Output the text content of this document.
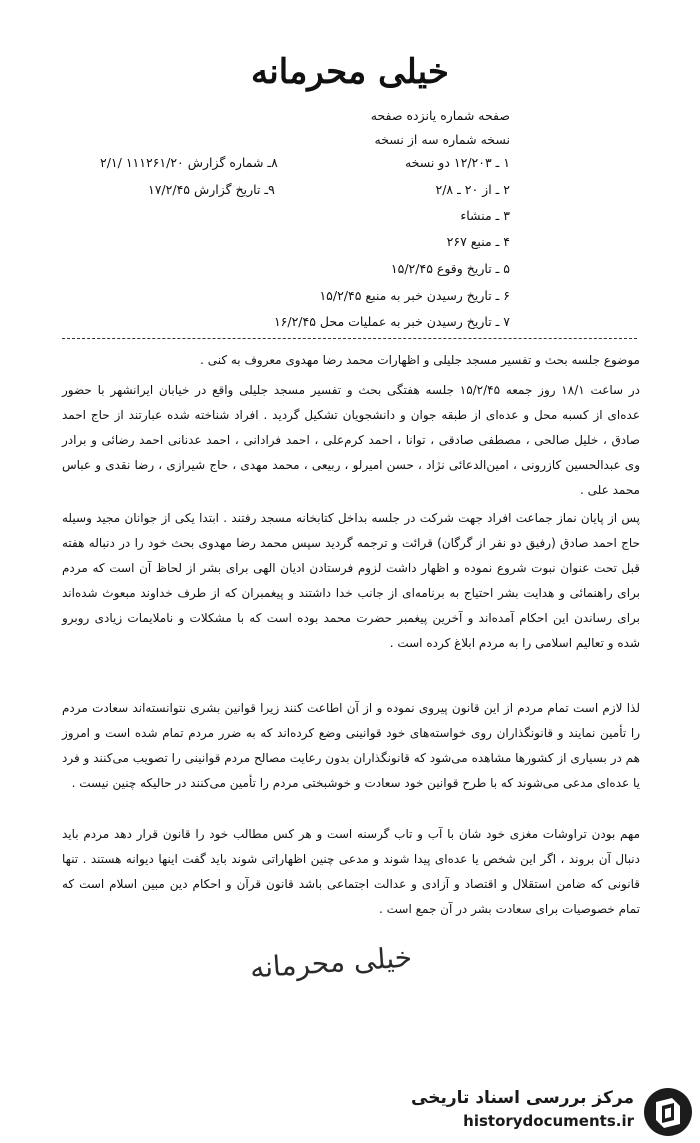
خیلی محرمانه
صفحه شماره یانزده صفحه
نسخه شماره سه از نسخه
۸ـ شماره گزارش ۱۱۱۲۶۱/۲۰ /۲/۱
۹ـ تاریخ گزارش ۱۷/۲/۴۵
۱ ـ ۱۲/۲۰۳ دو نسخه
۲ ـ از ۲۰ ـ ۲/۸
۳ ـ منشاء
۴ ـ منبع ۲۶۷
۵ ـ تاریخ وقوع ۱۵/۲/۴۵
۶ ـ تاریخ رسیدن خبر به منبع ۱۵/۲/۴۵
۷ ـ تاریخ رسیدن خبر به عملیات محل ۱۶/۲/۴۵
موضوع جلسه بحث و تفسیر مسجد جلیلی و اظهارات محمد رضا مهدوی معروف به کنی .
در ساعت ۱۸/۱ روز جمعه ۱۵/۲/۴۵ جلسه هفتگی بحث و تفسیر مسجد جلیلی واقع در خیابان ایرانشهر با حضور عده‌ای از کسبه محل و عده‌ای از طبقه جوان و دانشجویان تشکیل گردید . افراد شناخته شده عبارتند از حاج احمد صادق ، خلیل صالحی ، مصطفی صادقی ، توانا ، احمد کرم‌علی ، احمد فرادانی ، احمد عدنانی احمد رضائی و برادر وی عبدالحسین کازرونی ، امین‌الدعائی نژاد ، حسن امیرلو ، ربیعی ، محمد مهدی ، حاج شیرازی ، رضا نقدی و عباس محمد علی .
پس از پایان نماز جماعت افراد جهت شرکت در جلسه بداخل کتابخانه مسجد رفتند . ابتدا یکی از جوانان مجید وسیله حاج احمد صادق (رفیق دو نفر از گرگان) قرائت و ترجمه گردید سپس محمد رضا مهدوی بحث خود را در دنباله هفته قبل تحت عنوان نبوت شروع نموده و اظهار داشت لزوم فرستادن ادیان الهی برای بشر از لحاظ آن است که مردم برای راهنمائی و هدایت بشر احتیاج به برنامه‌ای از جانب خدا داشتند و پیغمبران که از طرف خداوند مبعوث شده‌اند برای رساندن این احکام آمده‌اند و آخرین پیغمبر حضرت محمد بوده است که با مشکلات و ناملایمات زیادی روبرو شده و تعالیم اسلامی را به مردم ابلاغ کرده است .
لذا لازم است تمام مردم از این قانون پیروی نموده و از آن اطاعت کنند زیرا قوانین بشری نتوانسته‌اند سعادت مردم را تأمین نمایند و قانونگذاران روی خواسته‌های خود قوانینی وضع کرده‌اند که به ضرر مردم تمام شده است و امروز هم در بسیاری از کشورها مشاهده می‌شود که قانونگذاران بدون رعایت مصالح مردم قوانینی را تصویب می‌کنند و فرد یا عده‌ای مدعی می‌شوند که با طرح قوانین خود سعادت و خوشبختی مردم را تأمین می‌کنند در حالیکه چنین نیست .
مهم بودن تراوشات مغزی خود شان با آب و تاب گرسنه است و هر کس مطالب خود را قانون قرار دهد مردم باید دنبال آن بروند ، اگر این شخص یا عده‌ای پیدا شوند و مدعی چنین اظهاراتی شوند باید گفت اینها دیوانه هستند . تنها قانونی که ضامن استقلال و اقتصاد و آزادی و عدالت اجتماعی باشد قانون قرآن و احکام دین مبین اسلام است که تمام خصوصیات برای سعادت بشر در آن جمع است .
خیلی محرمانه
مرکز بررسی اسناد تاریخی
historydocuments.ir
